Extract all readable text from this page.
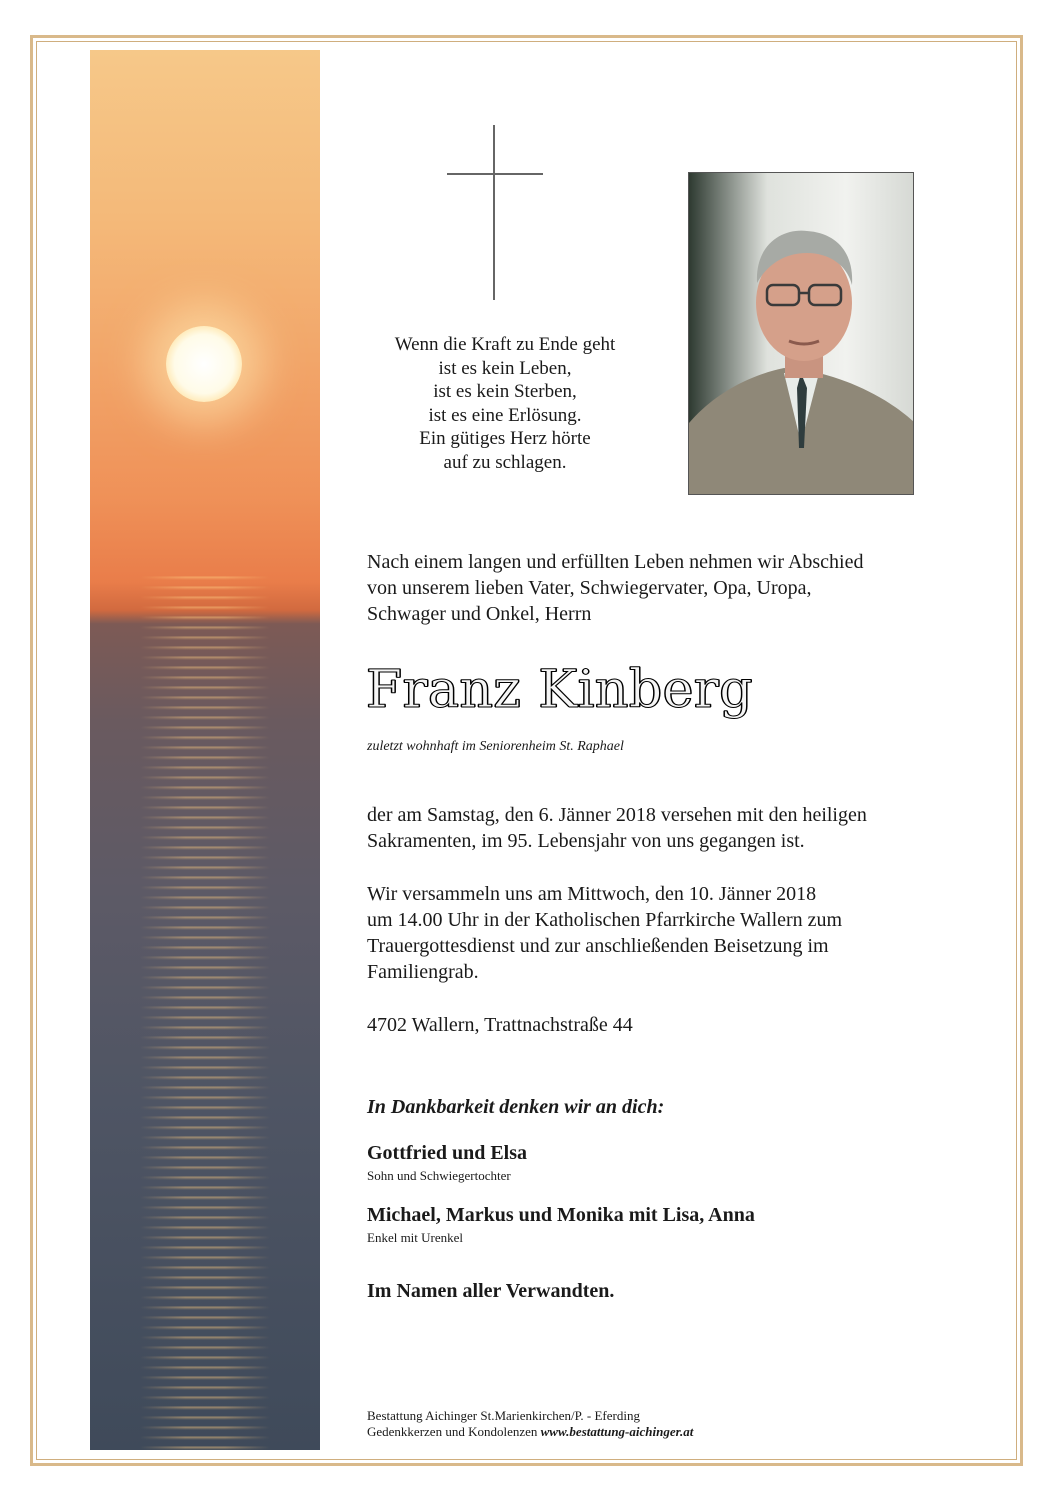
Wenn die Kraft zu Ende geht
ist es kein Leben,
ist es kein Sterben,
ist es eine Erlösung.
Ein gütiges Herz hörte
auf zu schlagen.
Nach einem langen und erfüllten Leben nehmen wir Abschied
von unserem lieben Vater, Schwiegervater, Opa, Uropa,
Schwager und Onkel, Herrn
Franz Kinberg
zuletzt wohnhaft im Seniorenheim St. Raphael
der am Samstag, den 6. Jänner 2018 versehen mit den heiligen
Sakramenten, im 95. Lebensjahr von uns gegangen ist.
Wir versammeln uns am Mittwoch, den 10. Jänner 2018
um 14.00 Uhr in der Katholischen Pfarrkirche Wallern zum
Trauergottesdienst und zur anschließenden Beisetzung im
Familiengrab.
4702 Wallern, Trattnachstraße 44
In Dankbarkeit denken wir an dich:
Gottfried und Elsa
Sohn und Schwiegertochter
Michael, Markus und Monika mit Lisa, Anna
Enkel mit Urenkel
Im Namen aller Verwandten.
Bestattung Aichinger St.Marienkirchen/P. - Eferding
Gedenkkerzen und Kondolenzen www.bestattung-aichinger.at
